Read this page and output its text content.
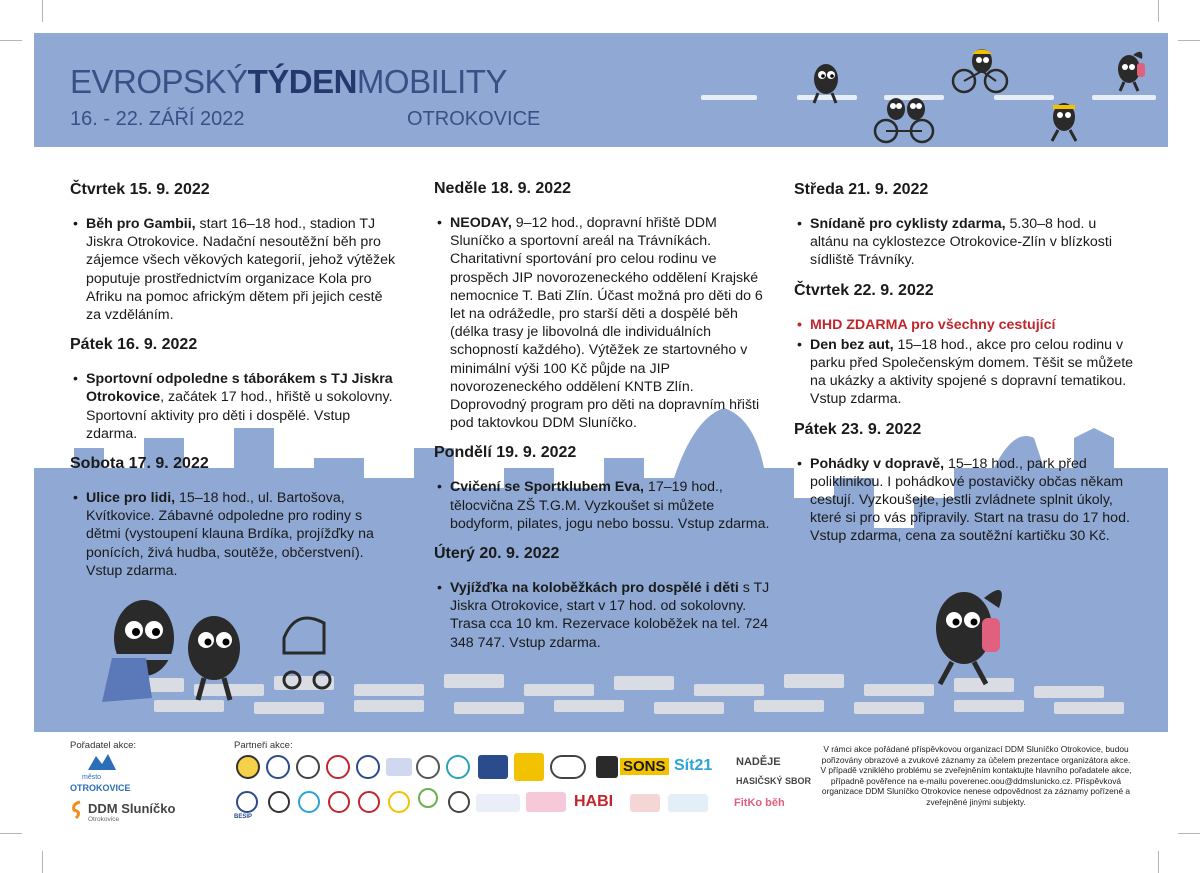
EVROPSKÝTÝDENMOBILITY
16. - 22. ZÁŘÍ 2022	OTROKOVICE
Čtvrtek 15. 9. 2022

• Běh pro Gambii, start 16–18 hod., stadion TJ Jiskra Otrokovice. Nadační nesoutěžní běh pro zájemce všech věkových kategorií, jehož výtěžek poputuje prostřednictvím organizace Kola pro Afriku na pomoc africkým dětem při jejich cestě za vzděláním.

Pátek 16. 9. 2022

• Sportovní odpoledne s táborákem s TJ Jiskra Otrokovice, začátek 17 hod., hřiště u sokolovny. Sportovní aktivity pro děti i dospělé. Vstup zdarma.

Sobota 17. 9. 2022

• Ulice pro lidi, 15–18 hod., ul. Bartošova, Kvítkovice. Zábavné odpoledne pro rodiny s dětmi (vystoupení klauna Brdíka, projížďky na ponících, živá hudba, soutěže, občerstvení). Vstup zdarma.

Neděle 18. 9. 2022

• NEODAY, 9–12 hod., dopravní hřiště DDM Sluníčko a sportovní areál na Trávníkách. Charitativní sportování pro celou rodinu ve prospěch JIP novorozeneckého oddělení Krajské nemocnice T. Bati Zlín. Účast možná pro děti do 6 let na odrážedle, pro starší děti a dospělé běh (délka trasy je libovolná dle individuálních schopností každého). Výtěžek ze startovného v minimální výši 100 Kč půjde na JIP novorozeneckého oddělení KNTB Zlín. Doprovodný program pro děti na dopravním hřišti pod taktovkou DDM Sluníčko.

Pondělí 19. 9. 2022

• Cvičení se Sportklubem Eva, 17–19 hod., tělocvična ZŠ T.G.M. Vyzkoušet si můžete bodyform, pilates, jogu nebo bossu. Vstup zdarma.

Úterý 20. 9. 2022

• Vyjížďka na koloběžkách pro dospělé i děti s TJ Jiskra Otrokovice, start v 17 hod. od sokolovny. Trasa cca 10 km. Rezervace koloběžek na tel. 724 348 747. Vstup zdarma.

Středa 21. 9. 2022

• Snídaně pro cyklisty zdarma, 5.30–8 hod. u altánu na cyklostezce Otrokovice-Zlín v blízkosti sídliště Trávníky.

Čtvrtek 22. 9. 2022

• MHD ZDARMA pro všechny cestující

• Den bez aut, 15–18 hod., akce pro celou rodinu v parku před Společenským domem. Těšit se můžete na ukázky a aktivity spojené s dopravní tematikou. Vstup zdarma.

Pátek 23. 9. 2022

• Pohádky v dopravě, 15–18 hod., park před poliklinikou. I pohádkové postavičky občas někam cestují. Vyzkoušejte, jestli zvládnete splnit úkoly, které si pro vás připravily. Start na trasu do 17 hod. Vstup zdarma, cena za soutěžní kartičku 30 Kč.

Pořadatel akce:	Partneři akce:
město
OTROKOVICE
DDM Sluníčko
Otrokovice
SONS Sít21 NADĚJE
HASIČSKÝ SBOR
BESIP
HABI	FitKo běh
V rámci akce pořádané příspěvkovou organizací DDM Sluníčko Otrokovice, budou pořizovány obrazové a zvukové záznamy za účelem prezentace organizátora akce. V případě vzniklého problému se zveřejněním kontaktujte hlavního pořadatele akce, případně pověřence na e-mailu poverenec.oou@ddmslunicko.cz. Příspěvková organizace DDM Sluníčko Otrokovice nenese odpovědnost za záznamy pořízené a zveřejněné jinými subjekty.
